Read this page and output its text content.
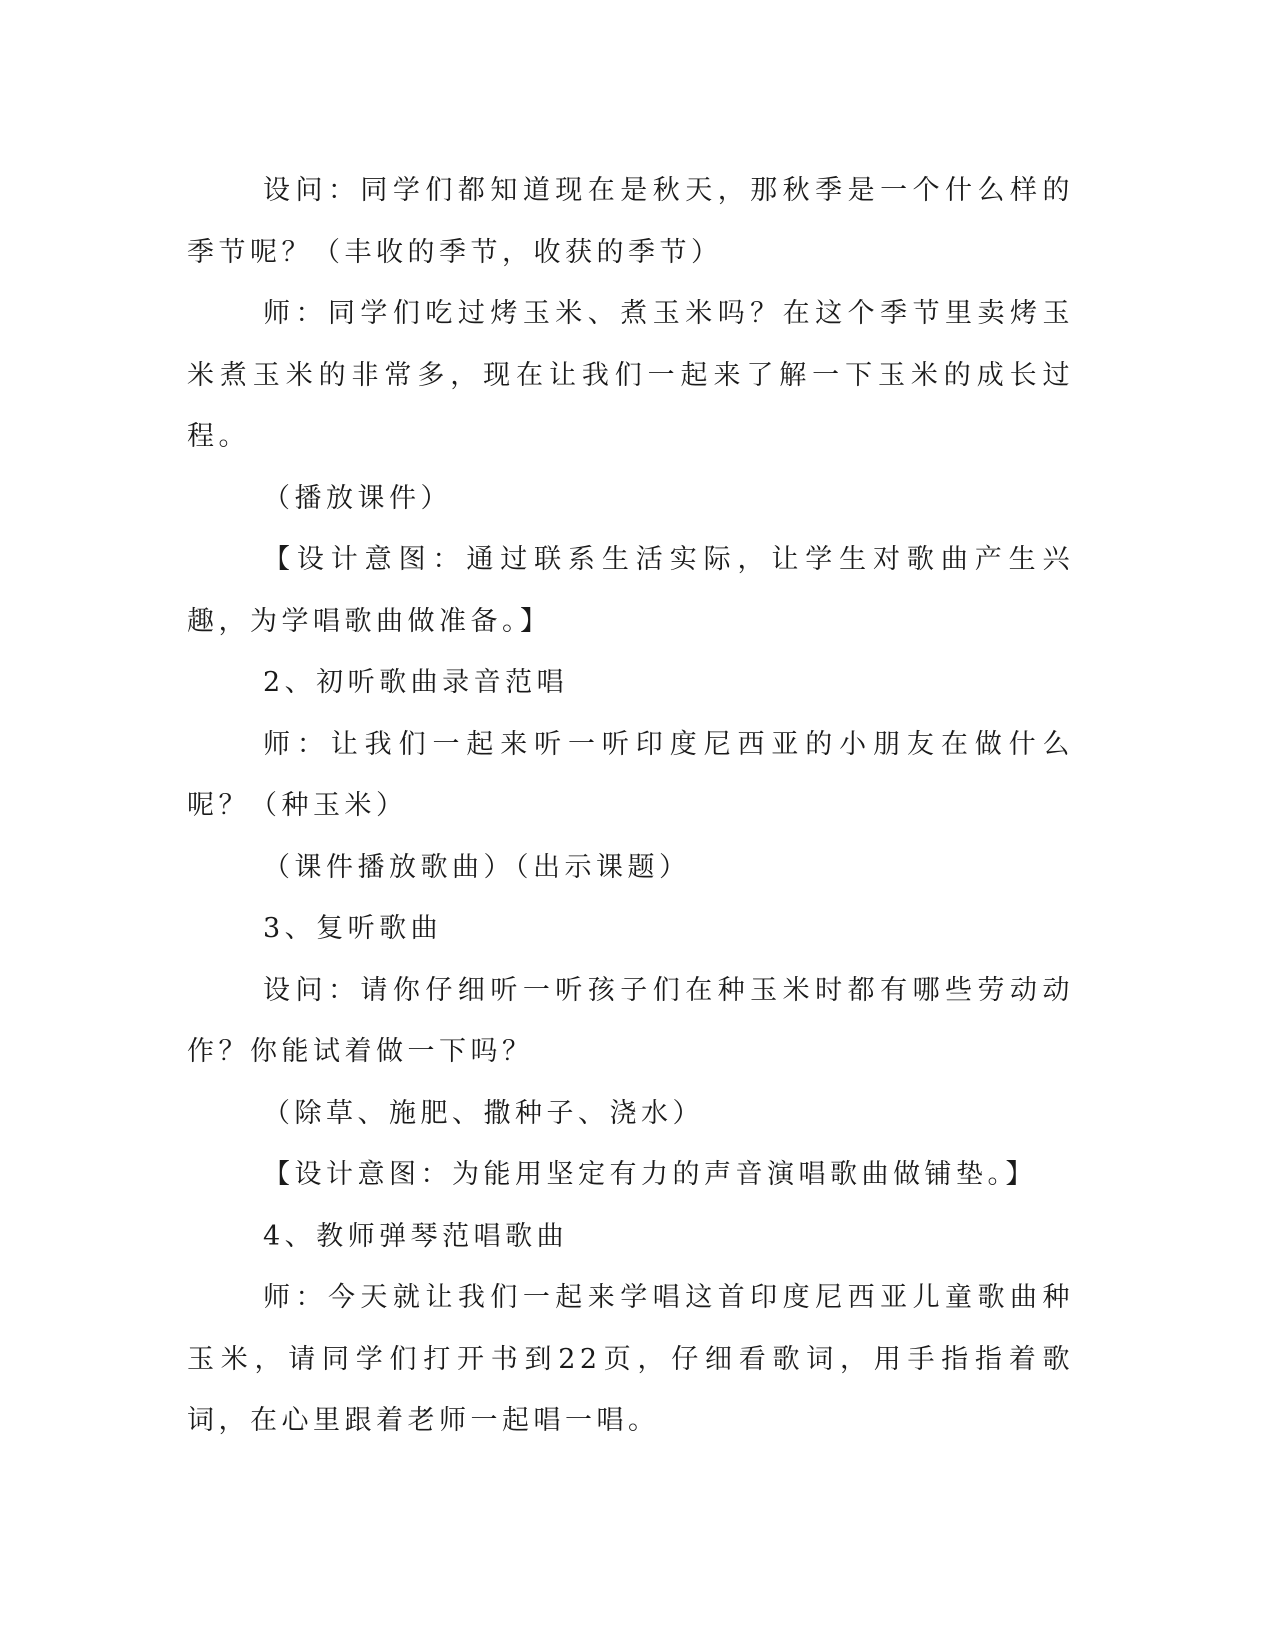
设问：同学们都知道现在是秋天，那秋季是一个什么样的季节呢？（丰收的季节，收获的季节）

师：同学们吃过烤玉米、煮玉米吗？在这个季节里卖烤玉米煮玉米的非常多，现在让我们一起来了解一下玉米的成长过程。

（播放课件）

【设计意图：通过联系生活实际，让学生对歌曲产生兴趣，为学唱歌曲做准备。】

2、初听歌曲录音范唱

师：让我们一起来听一听印度尼西亚的小朋友在做什么呢？（种玉米）

（课件播放歌曲）（出示课题）

3、复听歌曲

设问：请你仔细听一听孩子们在种玉米时都有哪些劳动动作？你能试着做一下吗？

（除草、施肥、撒种子、浇水）

【设计意图：为能用坚定有力的声音演唱歌曲做铺垫。】

4、教师弹琴范唱歌曲

师：今天就让我们一起来学唱这首印度尼西亚儿童歌曲种玉米，请同学们打开书到22页，仔细看歌词，用手指指着歌词，在心里跟着老师一起唱一唱。
